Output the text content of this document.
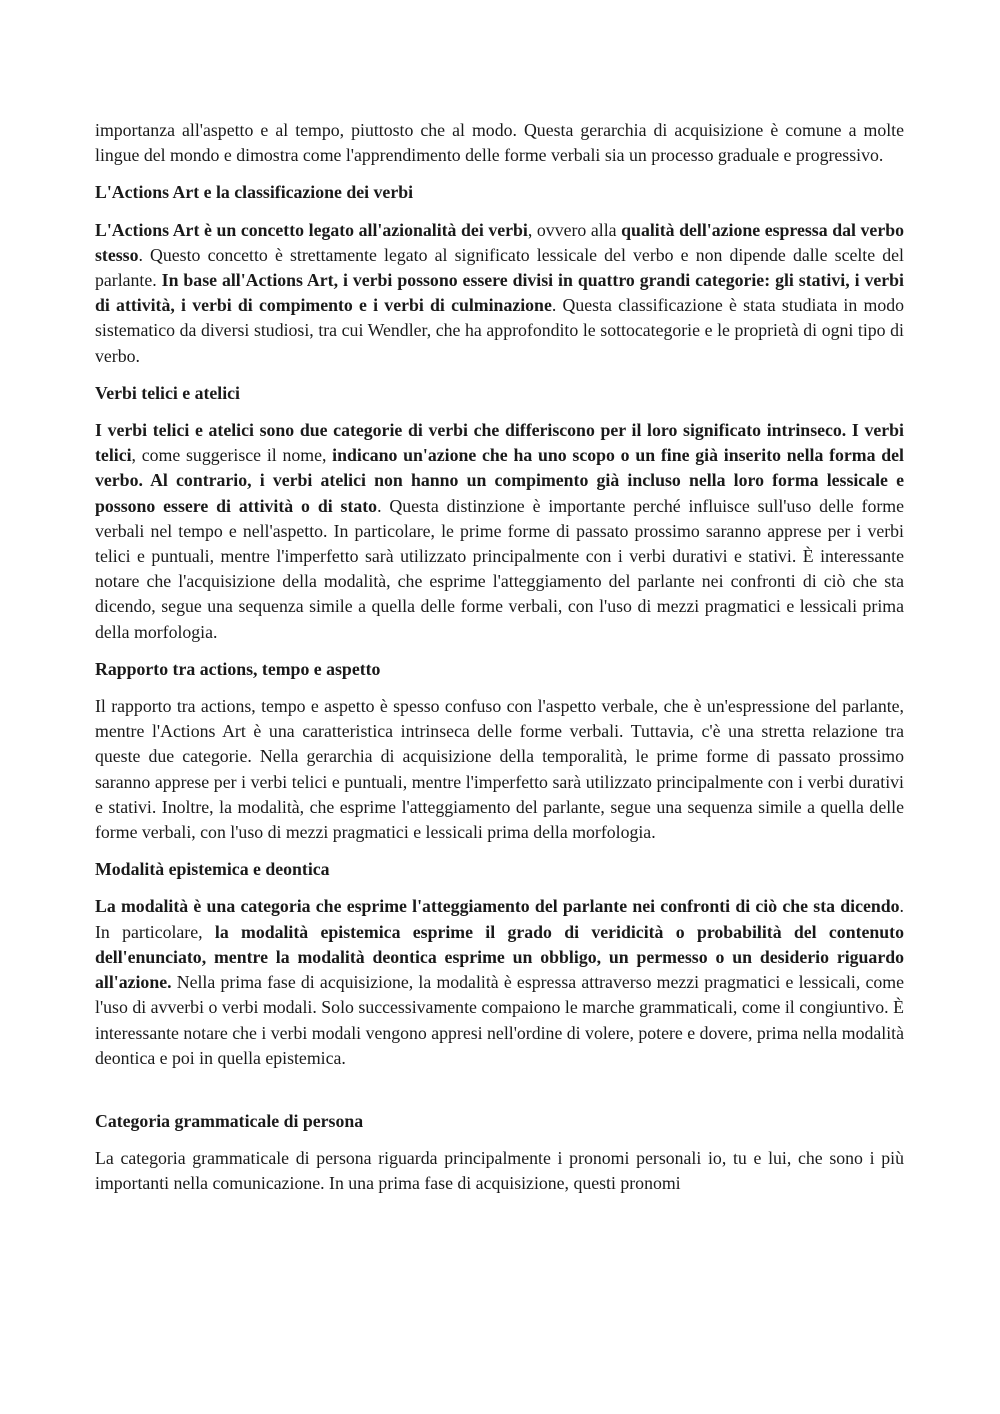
importanza all'aspetto e al tempo, piuttosto che al modo. Questa gerarchia di acquisizione è comune a molte lingue del mondo e dimostra come l'apprendimento delle forme verbali sia un processo graduale e progressivo.

L'Actions Art e la classificazione dei verbi

L'Actions Art è un concetto legato all'azionalità dei verbi, ovvero alla qualità dell'azione espressa dal verbo stesso. Questo concetto è strettamente legato al significato lessicale del verbo e non dipende dalle scelte del parlante. In base all'Actions Art, i verbi possono essere divisi in quattro grandi categorie: gli stativi, i verbi di attività, i verbi di compimento e i verbi di culminazione. Questa classificazione è stata studiata in modo sistematico da diversi studiosi, tra cui Wendler, che ha approfondito le sottocategorie e le proprietà di ogni tipo di verbo.

Verbi telici e atelici

I verbi telici e atelici sono due categorie di verbi che differiscono per il loro significato intrinseco. I verbi telici, come suggerisce il nome, indicano un'azione che ha uno scopo o un fine già inserito nella forma del verbo. Al contrario, i verbi atelici non hanno un compimento già incluso nella loro forma lessicale e possono essere di attività o di stato. Questa distinzione è importante perché influisce sull'uso delle forme verbali nel tempo e nell'aspetto. In particolare, le prime forme di passato prossimo saranno apprese per i verbi telici e puntuali, mentre l'imperfetto sarà utilizzato principalmente con i verbi durativi e stativi. È interessante notare che l'acquisizione della modalità, che esprime l'atteggiamento del parlante nei confronti di ciò che sta dicendo, segue una sequenza simile a quella delle forme verbali, con l'uso di mezzi pragmatici e lessicali prima della morfologia.

Rapporto tra actions, tempo e aspetto

Il rapporto tra actions, tempo e aspetto è spesso confuso con l'aspetto verbale, che è un'espressione del parlante, mentre l'Actions Art è una caratteristica intrinseca delle forme verbali. Tuttavia, c'è una stretta relazione tra queste due categorie. Nella gerarchia di acquisizione della temporalità, le prime forme di passato prossimo saranno apprese per i verbi telici e puntuali, mentre l'imperfetto sarà utilizzato principalmente con i verbi durativi e stativi. Inoltre, la modalità, che esprime l'atteggiamento del parlante, segue una sequenza simile a quella delle forme verbali, con l'uso di mezzi pragmatici e lessicali prima della morfologia.

Modalità epistemica e deontica

La modalità è una categoria che esprime l'atteggiamento del parlante nei confronti di ciò che sta dicendo. In particolare, la modalità epistemica esprime il grado di veridicità o probabilità del contenuto dell'enunciato, mentre la modalità deontica esprime un obbligo, un permesso o un desiderio riguardo all'azione. Nella prima fase di acquisizione, la modalità è espressa attraverso mezzi pragmatici e lessicali, come l'uso di avverbi o verbi modali. Solo successivamente compaiono le marche grammaticali, come il congiuntivo. È interessante notare che i verbi modali vengono appresi nell'ordine di volere, potere e dovere, prima nella modalità deontica e poi in quella epistemica.

Categoria grammaticale di persona

La categoria grammaticale di persona riguarda principalmente i pronomi personali io, tu e lui, che sono i più importanti nella comunicazione. In una prima fase di acquisizione, questi pronomi
